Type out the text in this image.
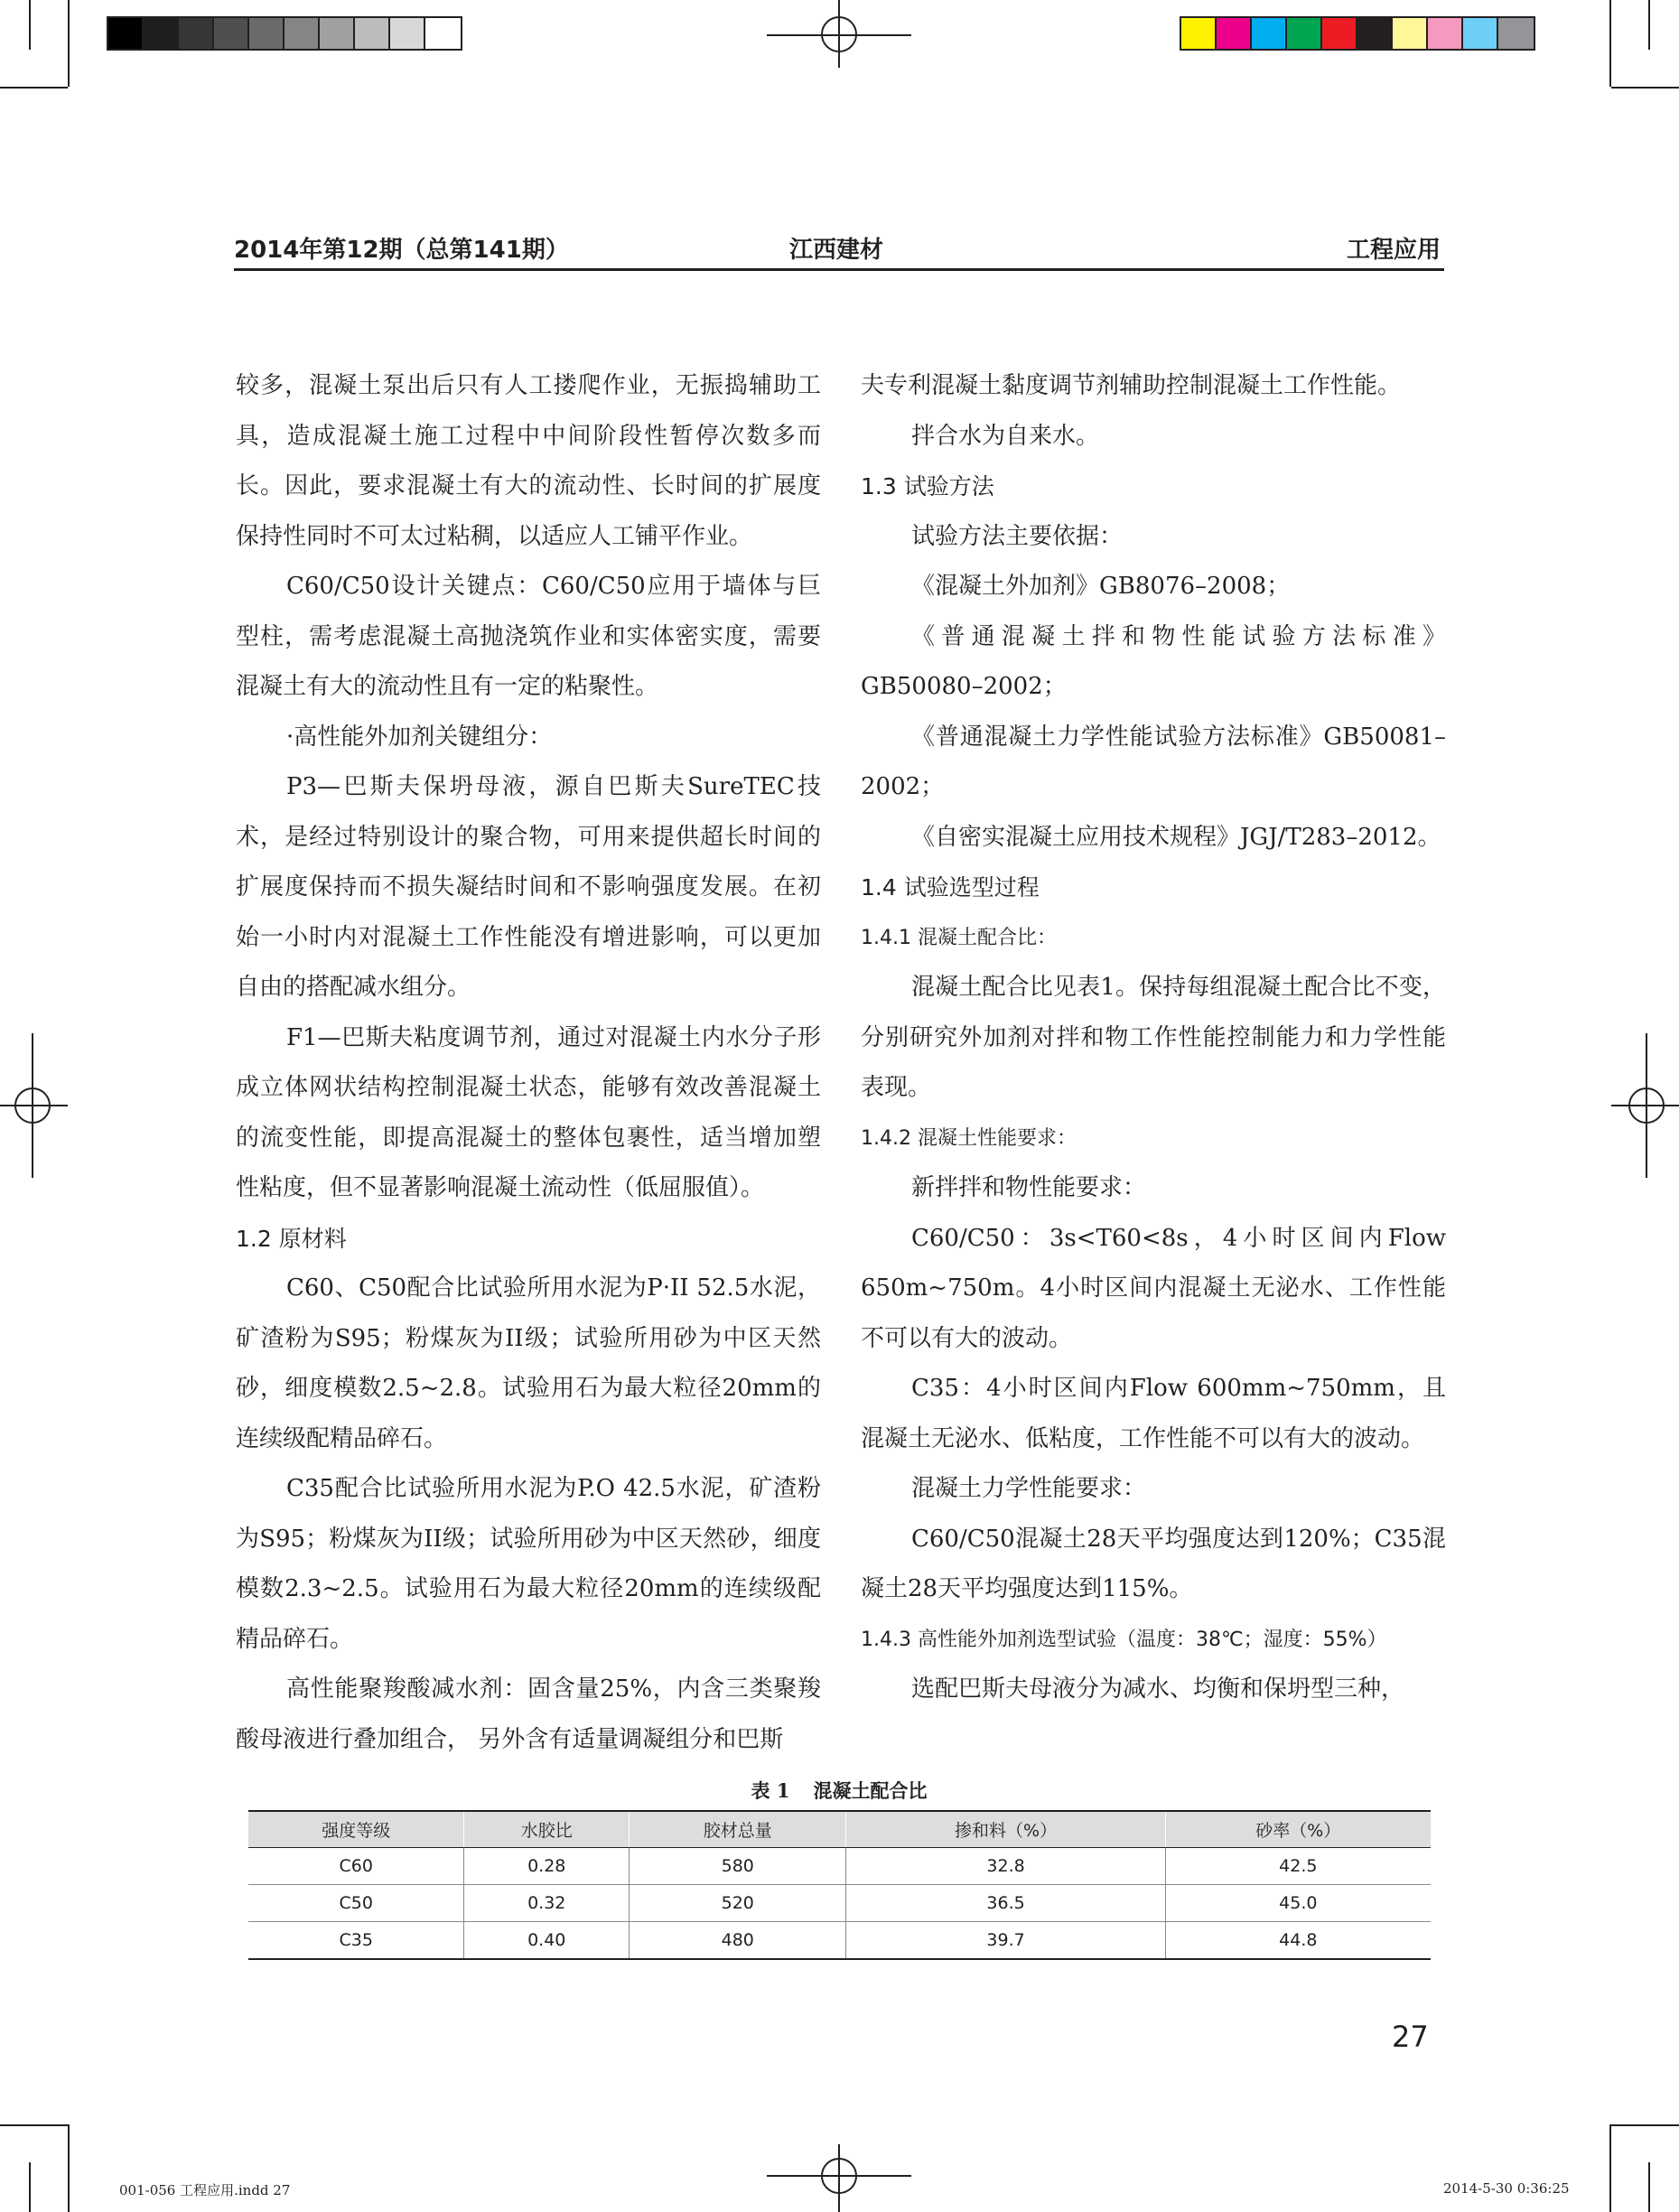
2014年第12期（总第141期）	江西建材	工程应用

较多，混凝土泵出后只有人工搂爬作业，无振捣辅助工具，造成混凝土施工过程中中间阶段性暂停次数多而长。因此，要求混凝土有大的流动性、长时间的扩展度保持性同时不可太过粘稠，以适应人工铺平作业。

C60/C50设计关键点：C60/C50应用于墙体与巨型柱，需考虑混凝土高抛浇筑作业和实体密实度，需要混凝土有大的流动性且有一定的粘聚性。

·高性能外加剂关键组分：

P3—巴斯夫保坍母液，源自巴斯夫SureTEC技术，是经过特别设计的聚合物，可用来提供超长时间的扩展度保持而不损失凝结时间和不影响强度发展。在初始一小时内对混凝土工作性能没有增进影响，可以更加自由的搭配减水组分。

F1—巴斯夫粘度调节剂，通过对混凝土内水分子形成立体网状结构控制混凝土状态，能够有效改善混凝土的流变性能，即提高混凝土的整体包裹性，适当增加塑性粘度，但不显著影响混凝土流动性（低屈服值）。

1.2 原材料

C60、C50配合比试验所用水泥为P·II 52.5水泥，矿渣粉为S95；粉煤灰为II级；试验所用砂为中区天然砂，细度模数2.5~2.8。试验用石为最大粒径20mm的连续级配精品碎石。

C35配合比试验所用水泥为P.O 42.5水泥，矿渣粉为S95；粉煤灰为II级；试验所用砂为中区天然砂，细度模数2.3~2.5。试验用石为最大粒径20mm的连续级配精品碎石。

高性能聚羧酸减水剂：固含量25%，内含三类聚羧酸母液进行叠加组合， 另外含有适量调凝组分和巴斯

夫专利混凝土黏度调节剂辅助控制混凝土工作性能。

拌合水为自来水。

1.3 试验方法

试验方法主要依据：

《混凝土外加剂》GB8076–2008；

《普通混凝土拌和物性能试验方法标准》GB50080–2002；

《普通混凝土力学性能试验方法标准》GB50081–2002；

《自密实混凝土应用技术规程》JGJ/T283–2012。

1.4 试验选型过程

1.4.1 混凝土配合比：

混凝土配合比见表1。保持每组混凝土配合比不变，分别研究外加剂对拌和物工作性能控制能力和力学性能表现。

1.4.2 混凝土性能要求：

新拌拌和物性能要求：

C60/C50：3s<T60<8s，4小时区间内Flow 650m~750m。4小时区间内混凝土无泌水、工作性能不可以有大的波动。

C35：4小时区间内Flow 600mm~750mm，且混凝土无泌水、低粘度，工作性能不可以有大的波动。

混凝土力学性能要求：

C60/C50混凝土28天平均强度达到120%；C35混凝土28天平均强度达到115%。

1.4.3 高性能外加剂选型试验（温度：38℃；湿度：55%）

选配巴斯夫母液分为减水、均衡和保坍型三种，

表 1 混凝土配合比
强度等级	水胶比	胶材总量	掺和料（%）	砂率（%）
C60	0.28	580	32.8	42.5
C50	0.32	520	36.5	45.0
C35	0.40	480	39.7	44.8
27
001-056 工程应用.indd 27	2014-5-30 0:36:25
